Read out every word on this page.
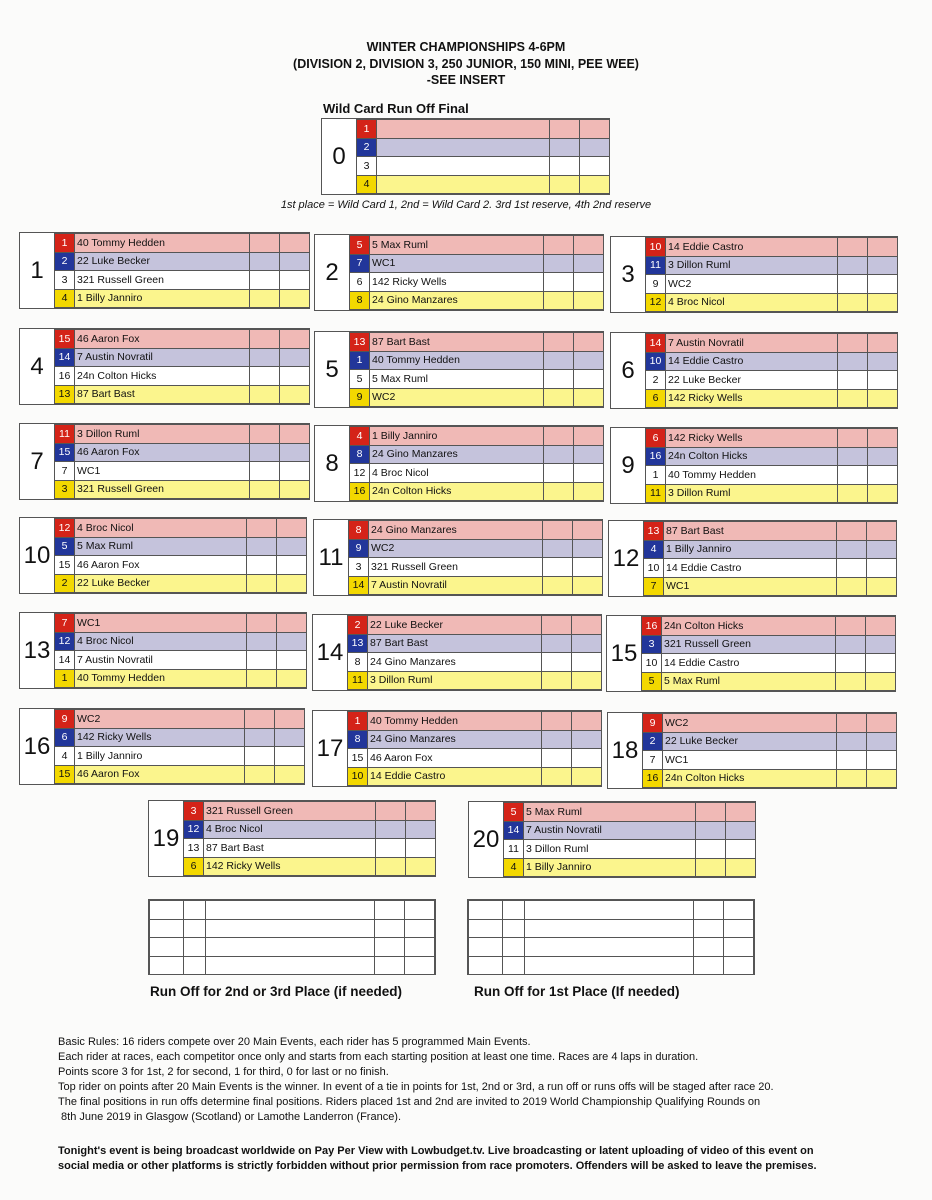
WINTER CHAMPIONSHIPS 4-6PM
(DIVISION 2, DIVISION 3, 250 JUNIOR, 150 MINI, PEE WEE)
-SEE INSERT
Wild Card Run Off Final
0
1			
2			
3			
4			
1st place = Wild Card 1, 2nd = Wild Card 2. 3rd 1st reserve, 4th 2nd reserve
1
1	40 Tommy Hedden		
2	22 Luke Becker		
3	321 Russell Green		
4	1 Billy Janniro		
2
5	5 Max Ruml		
7	WC1		
6	142 Ricky Wells		
8	24 Gino Manzares		
3
10	14 Eddie Castro		
11	3 Dillon Ruml		
9	WC2		
12	4 Broc Nicol		
4
15	46 Aaron Fox		
14	7 Austin Novratil		
16	24n Colton Hicks		
13	87 Bart Bast		
5
13	87 Bart Bast		
1	40 Tommy Hedden		
5	5 Max Ruml		
9	WC2		
6
14	7 Austin Novratil		
10	14 Eddie Castro		
2	22 Luke Becker		
6	142 Ricky Wells		
7
11	3 Dillon Ruml		
15	46 Aaron Fox		
7	WC1		
3	321 Russell Green		
8
4	1 Billy Janniro		
8	24 Gino Manzares		
12	4 Broc Nicol		
16	24n Colton Hicks		
9
6	142 Ricky Wells		
16	24n Colton Hicks		
1	40 Tommy Hedden		
11	3 Dillon Ruml		
10
12	4 Broc Nicol		
5	5 Max Ruml		
15	46 Aaron Fox		
2	22 Luke Becker		
11
8	24 Gino Manzares		
9	WC2		
3	321 Russell Green		
14	7 Austin Novratil		
12
13	87 Bart Bast		
4	1 Billy Janniro		
10	14 Eddie Castro		
7	WC1		
13
7	WC1		
12	4 Broc Nicol		
14	7 Austin Novratil		
1	40 Tommy Hedden		
14
2	22 Luke Becker		
13	87 Bart Bast		
8	24 Gino Manzares		
11	3 Dillon Ruml		
15
16	24n Colton Hicks		
3	321 Russell Green		
10	14 Eddie Castro		
5	5 Max Ruml		
16
9	WC2		
6	142 Ricky Wells		
4	1 Billy Janniro		
15	46 Aaron Fox		
17
1	40 Tommy Hedden		
8	24 Gino Manzares		
15	46 Aaron Fox		
10	14 Eddie Castro		
18
9	WC2		
2	22 Luke Becker		
7	WC1		
16	24n Colton Hicks		
19
3	321 Russell Green		
12	4 Broc Nicol		
13	87 Bart Bast		
6	142 Ricky Wells		
20
5	5 Max Ruml		
14	7 Austin Novratil		
11	3 Dillon Ruml		
4	1 Billy Janniro		

Run Off for 2nd or 3rd Place (if needed)	Run Off for 1st Place (If needed)
Basic Rules: 16 riders compete over 20 Main Events, each rider has 5 programmed Main Events.
Each rider at races, each competitor once only and starts from each starting position at least one time. Races are 4 laps in duration.
Points score 3 for 1st, 2 for second, 1 for third, 0 for last or no finish.
Top rider on points after 20 Main Events is the winner. In event of a tie in points for 1st, 2nd or 3rd, a run off or runs offs will be staged after race 20.
The final positions in run offs determine final positions. Riders placed 1st and 2nd are invited to 2019 World Championship Qualifying Rounds on
8th June 2019 in Glasgow (Scotland) or Lamothe Landerron (France).
Tonight's event is being broadcast worldwide on Pay Per View with Lowbudget.tv. Live broadcasting or latent uploading of video of this event on
social media or other platforms is strictly forbidden without prior permission from race promoters. Offenders will be asked to leave the premises.
